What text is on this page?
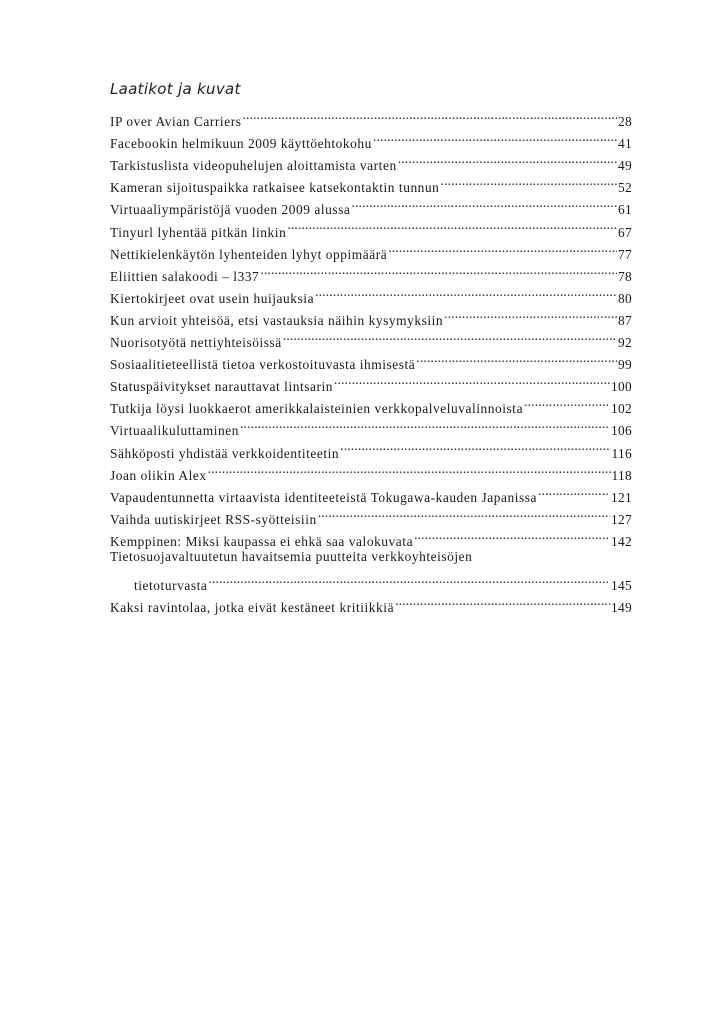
Laatikot ja kuvat
IP over Avian Carriers .....	28
Facebookin helmikuun 2009 käyttöehtokohu .....	41
Tarkistuslista videopuhelujen aloittamista varten .....	49
Kameran sijoituspaikka ratkaisee katsekontaktin tunnun .....	52
Virtuaaliympäristöjä vuoden 2009 alussa .....	61
Tinyurl lyhentää pitkän linkin .....	67
Nettikielenkäytön lyhenteiden lyhyt oppimäärä .....	77
Eliittien salakoodi – l337 .....	78
Kiertokirjeet ovat usein huijauksia .....	80
Kun arvioit yhteisöä, etsi vastauksia näihin kysymyksiin .....	87
Nuorisotyötä nettiyhteisöissä .....	92
Sosiaalitieteellistä tietoa verkostoituvasta ihmisestä .....	99
Statuspäivitykset narauttavat lintsarin .....	100
Tutkija löysi luokkaerot amerikkalaisteinien verkkopalveluvalinnoista .....	102
Virtuaalikuluttaminen .....	106
Sähköposti yhdistää verkkoidentiteetin .....	116
Joan olikin Alex .....	118
Vapaudentunnetta virtaavista identiteeteistä Tokugawa-kauden Japanissa .....	121
Vaihda uutiskirjeet RSS-syötteisiin .....	127
Kemppinen: Miksi kaupassa ei ehkä saa valokuvata .....	142
Tietosuojavaltuutetun havaitsemia puutteita verkkoyhteisöjen
tietoturvasta .....	145
Kaksi ravintolaa, jotka eivät kestäneet kritiikkiä .....	149
